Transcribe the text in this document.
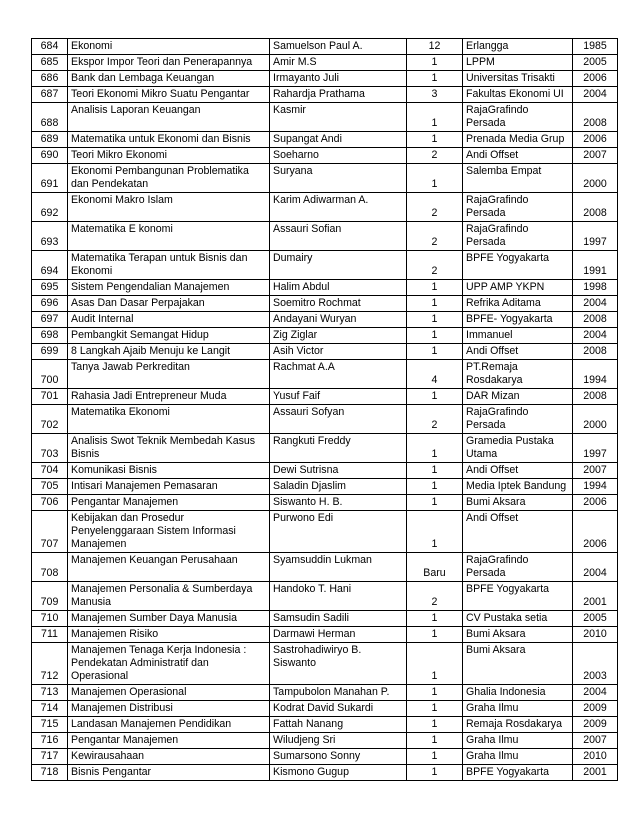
684	Ekonomi	Samuelson Paul A.	12	Erlangga	1985
685	Ekspor Impor Teori dan Penerapannya	Amir M.S	1	LPPM	2005
686	Bank dan Lembaga Keuangan	Irmayanto Juli	1	Universitas Trisakti	2006
687	Teori Ekonomi Mikro Suatu Pengantar	Rahardja Prathama	3	Fakultas Ekonomi UI	2004
688	Analisis Laporan Keuangan	Kasmir	1	RajaGrafindo Persada	2008
689	Matematika untuk Ekonomi dan Bisnis	Supangat Andi	1	Prenada Media Grup	2006
690	Teori Mikro Ekonomi	Soeharno	2	Andi Offset	2007
691	Ekonomi Pembangunan Problematika dan Pendekatan	Suryana	1	Salemba Empat	2000
692	Ekonomi Makro Islam	Karim Adiwarman A.	2	RajaGrafindo Persada	2008
693	Matematika E konomi	Assauri Sofian	2	RajaGrafindo Persada	1997
694	Matematika Terapan untuk Bisnis dan Ekonomi	Dumairy	2	BPFE Yogyakarta	1991
695	Sistem Pengendalian Manajemen	Halim Abdul	1	UPP AMP YKPN	1998
696	Asas Dan Dasar Perpajakan	Soemitro Rochmat	1	Refrika Aditama	2004
697	Audit Internal	Andayani Wuryan	1	BPFE- Yogyakarta	2008
698	Pembangkit Semangat Hidup	Zig Ziglar	1	Immanuel	2004
699	8 Langkah Ajaib Menuju ke Langit	Asih Victor	1	Andi Offset	2008
700	Tanya Jawab Perkreditan	Rachmat A.A	4	PT.Remaja Rosdakarya	1994
701	Rahasia Jadi Entrepreneur Muda	Yusuf Faif	1	DAR Mizan	2008
702	Matematika Ekonomi	Assauri Sofyan	2	RajaGrafindo Persada	2000
703	Analisis Swot Teknik Membedah Kasus Bisnis	Rangkuti Freddy	1	Gramedia Pustaka Utama	1997
704	Komunikasi Bisnis	Dewi Sutrisna	1	Andi Offset	2007
705	Intisari Manajemen Pemasaran	Saladin Djaslim	1	Media Iptek Bandung	1994
706	Pengantar Manajemen	Siswanto H. B.	1	Bumi Aksara	2006
707	Kebijakan dan Prosedur Penyelenggaraan Sistem Informasi Manajemen	Purwono Edi	1	Andi Offset	2006
708	Manajemen Keuangan Perusahaan	Syamsuddin Lukman	Baru	RajaGrafindo Persada	2004
709	Manajemen Personalia & Sumberdaya Manusia	Handoko T. Hani	2	BPFE Yogyakarta	2001
710	Manajemen Sumber Daya Manusia	Samsudin Sadili	1	CV Pustaka setia	2005
711	Manajemen Risiko	Darmawi Herman	1	Bumi Aksara	2010
712	Manajemen Tenaga Kerja Indonesia : Pendekatan Administratif dan Operasional	Sastrohadiwiryo B. Siswanto	1	Bumi Aksara	2003
713	Manajemen Operasional	Tampubolon Manahan P.	1	Ghalia Indonesia	2004
714	Manajemen Distribusi	Kodrat David Sukardi	1	Graha Ilmu	2009
715	Landasan Manajemen Pendidikan	Fattah Nanang	1	Remaja Rosdakarya	2009
716	Pengantar Manajemen	Wiludjeng Sri	1	Graha Ilmu	2007
717	Kewirausahaan	Sumarsono Sonny	1	Graha Ilmu	2010
718	Bisnis Pengantar	Kismono Gugup	1	BPFE Yogyakarta	2001
